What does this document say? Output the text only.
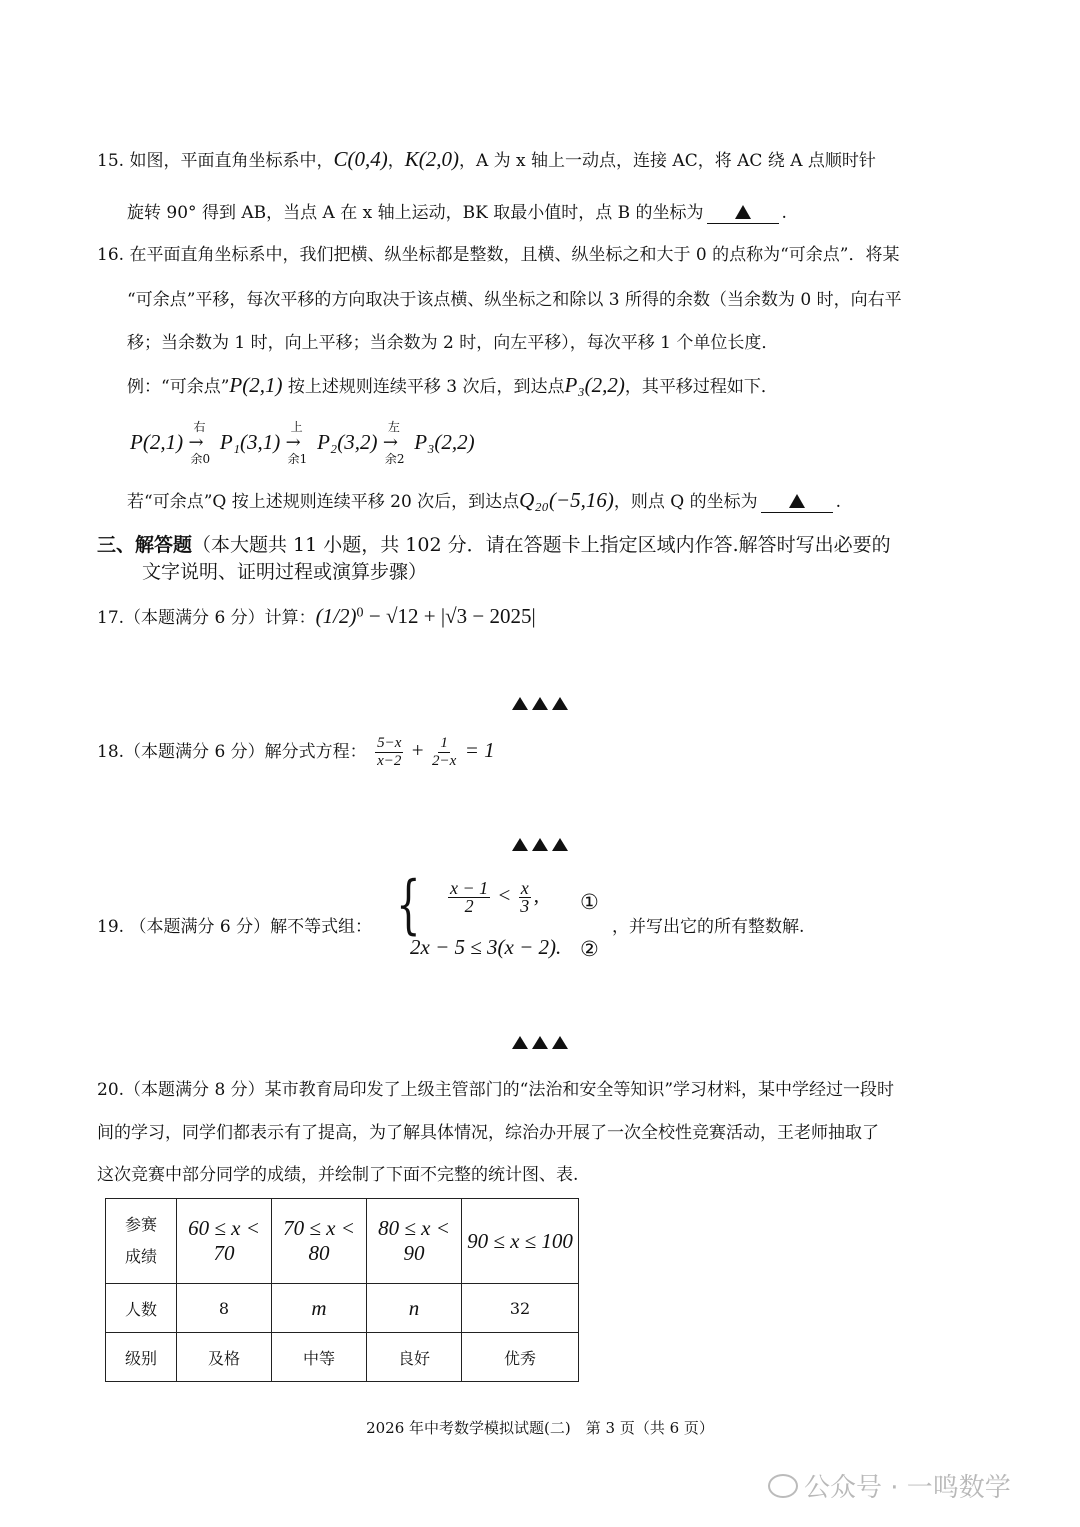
15. 如图，平面直角坐标系中，C(0,4)，K(2,0)，A 为 x 轴上一动点，连接 AC，将 AC 绕 A 点顺时针
旋转 90° 得到 AB，当点 A 在 x 轴上运动，BK 取最小值时，点 B 的坐标为	.
16. 在平面直角坐标系中，我们把横、纵坐标都是整数，且横、纵坐标之和大于 0 的点称为“可余点”．将某
“可余点”平移，每次平移的方向取决于该点横、纵坐标之和除以 3 所得的余数（当余数为 0 时，向右平
移；当余数为 1 时，向上平移；当余数为 2 时，向左平移），每次平移 1 个单位长度．
例：“可余点”P(2,1) 按上述规则连续平移 3 次后，到达点P₃(2,2)，其平移过程如下．
P(2,1)
右
→
余0
P₁(3,1)
上
→
余1
P₂(3,2)
左
→
余2
P₃(2,2)
若“可余点”Q 按上述规则连续平移 20 次后，到达点Q₂₀(−5,16)，则点 Q 的坐标为	.
三、解答题（本大题共 11 小题，共 102 分．请在答题卡上指定区域内作答.解答时写出必要的
文字说明、证明过程或演算步骤）
17.（本题满分 6 分）计算：$(1/2)^0 - √12 + |√3 - 2025|$
18.（本题满分 6 分）解分式方程： $\frac{5-x}{x-2} + \frac{1}{2-x} = 1$
19. （本题满分 6 分）解不等式组： { $\frac{x - 1}{2} < \frac{x}{3}$ ,	①
2x − 5 ≤ 3(x − 2). ②
，并写出它的所有整数解.
20.（本题满分 8 分）某市教育局印发了上级主管部门的“法治和安全等知识”学习材料，某中学经过一段时
间的学习，同学们都表示有了提高，为了解具体情况，综治办开展了一次全校性竞赛活动，王老师抽取了
这次竞赛中部分同学的成绩，并绘制了下面不完整的统计图、表.
参赛
成绩	60 ≤ x < 70	70 ≤ x < 80	80 ≤ x < 90	90 ≤ x ≤ 100
人数	8	m	n	32
级别	及格	中等	良好	优秀
2026 年中考数学模拟试题(二)　第 3 页（共 6 页）
公众号 · 一鸣数学
